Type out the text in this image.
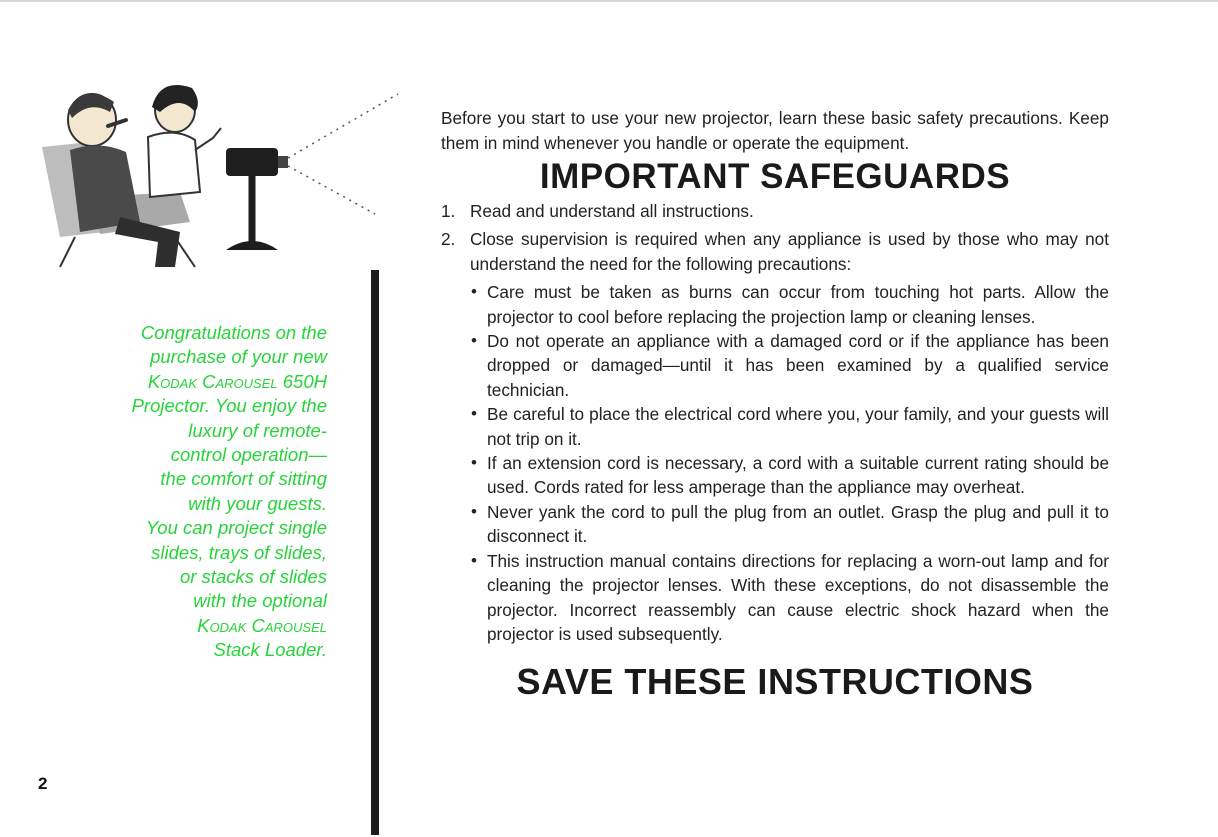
Congratulations on the
purchase of your new
Kodak Carousel 650H
Projector. You enjoy the
luxury of remote-
control operation—
the comfort of sitting
with your guests.
You can project single
slides, trays of slides,
or stacks of slides
with the optional
Kodak Carousel
Stack Loader.
2

Before you start to use your new projector, learn these basic safety precautions. Keep them in mind whenever you handle or operate the equipment.

IMPORTANT SAFEGUARDS
1. Read and understand all instructions.
2. Close supervision is required when any appliance is used by those who may not understand the need for the following precautions:
• Care must be taken as burns can occur from touching hot parts. Allow the projector to cool before replacing the projection lamp or cleaning lenses.
• Do not operate an appliance with a damaged cord or if the appliance has been dropped or damaged—until it has been examined by a qualified service technician.
• Be careful to place the electrical cord where you, your family, and your guests will not trip on it.
• If an extension cord is necessary, a cord with a suitable current rating should be used. Cords rated for less amperage than the appliance may overheat.
• Never yank the cord to pull the plug from an outlet. Grasp the plug and pull it to disconnect it.
• This instruction manual contains directions for replacing a worn-out lamp and for cleaning the projector lenses. With these exceptions, do not disassemble the projector. Incorrect reassembly can cause electric shock hazard when the projector is used subsequently.
SAVE THESE INSTRUCTIONS
